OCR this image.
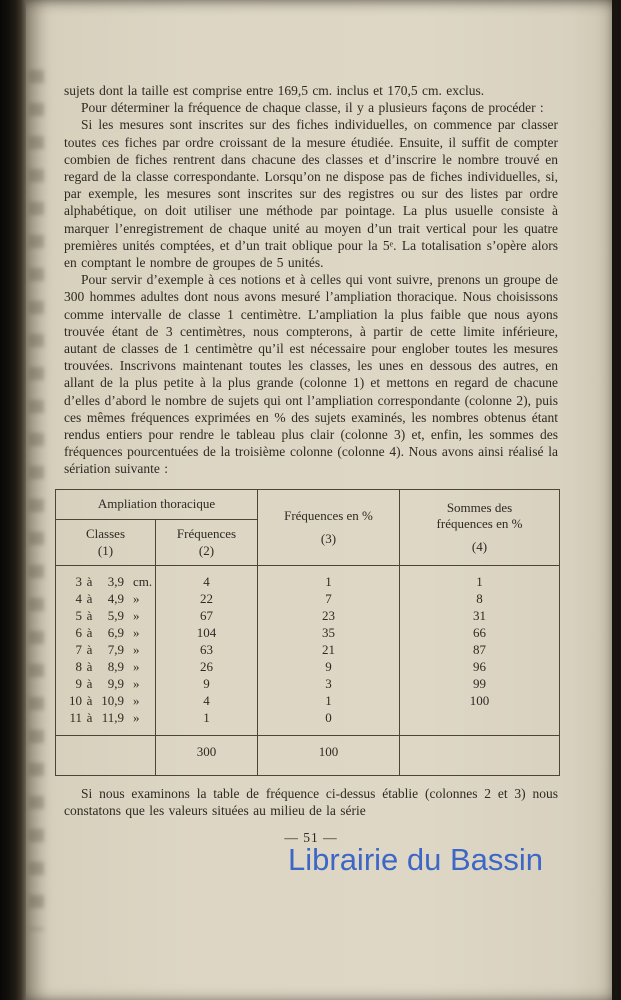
sujets dont la taille est comprise entre 169,5 cm. inclus et 170,5 cm. exclus.

Pour déterminer la fréquence de chaque classe, il y a plusieurs façons de procéder :

Si les mesures sont inscrites sur des fiches individuelles, on commence par classer toutes ces fiches par ordre croissant de la mesure étudiée. Ensuite, il suffit de compter combien de fiches rentrent dans chacune des classes et d’inscrire le nombre trouvé en regard de la classe correspondante. Lorsqu’on ne dispose pas de fiches individuelles, si, par exemple, les mesures sont inscrites sur des registres ou sur des listes par ordre alphabétique, on doit utiliser une méthode par pointage. La plus usuelle consiste à marquer l’enregistrement de chaque unité au moyen d’un trait vertical pour les quatre premières unités comptées, et d’un trait oblique pour la 5ᵉ. La totalisation s’opère alors en comptant le nombre de groupes de 5 unités.

Pour servir d’exemple à ces notions et à celles qui vont suivre, prenons un groupe de 300 hommes adultes dont nous avons mesuré l’ampliation thoracique. Nous choisissons comme intervalle de classe 1 centimètre. L’ampliation la plus faible que nous ayons trouvée étant de 3 centimètres, nous compterons, à partir de cette limite inférieure, autant de classes de 1 centimètre qu’il est nécessaire pour englober toutes les mesures trouvées. Inscrivons maintenant toutes les classes, les unes en dessous des autres, en allant de la plus petite à la plus grande (colonne 1) et mettons en regard de chacune d’elles d’abord le nombre de sujets qui ont l’ampliation correspondante (colonne 2), puis ces mêmes fréquences exprimées en % des sujets examinés, les nombres obtenus étant rendus entiers pour rendre le tableau plus clair (colonne 3) et, enfin, les sommes des fréquences pourcentuées de la troisième colonne (colonne 4). Nous avons ainsi réalisé la sériation suivante :

Ampliation thoracique	
Fréquences en %
(3)

Sommes des
fréquences en %
(4)

Classes
(1)

Fréquences
(2)

3 à 3,9 cm.	4	1	1
4 à 4,9 »	22	7	8
5 à 5,9 »	67	23	31
6 à 6,9 »	104	35	66
7 à 7,9 »	63	21	87
8 à 8,9 »	26	9	96
9 à 9,9 »	9	3	99
10 à 10,9 »	4	1	100
11 à 11,9 »	1	0	
	300	100	

Si nous examinons la table de fréquence ci-dessus établie (colonnes 2 et 3) nous constatons que les valeurs situées au milieu de la série

— 51 —
Librairie du Bassin
